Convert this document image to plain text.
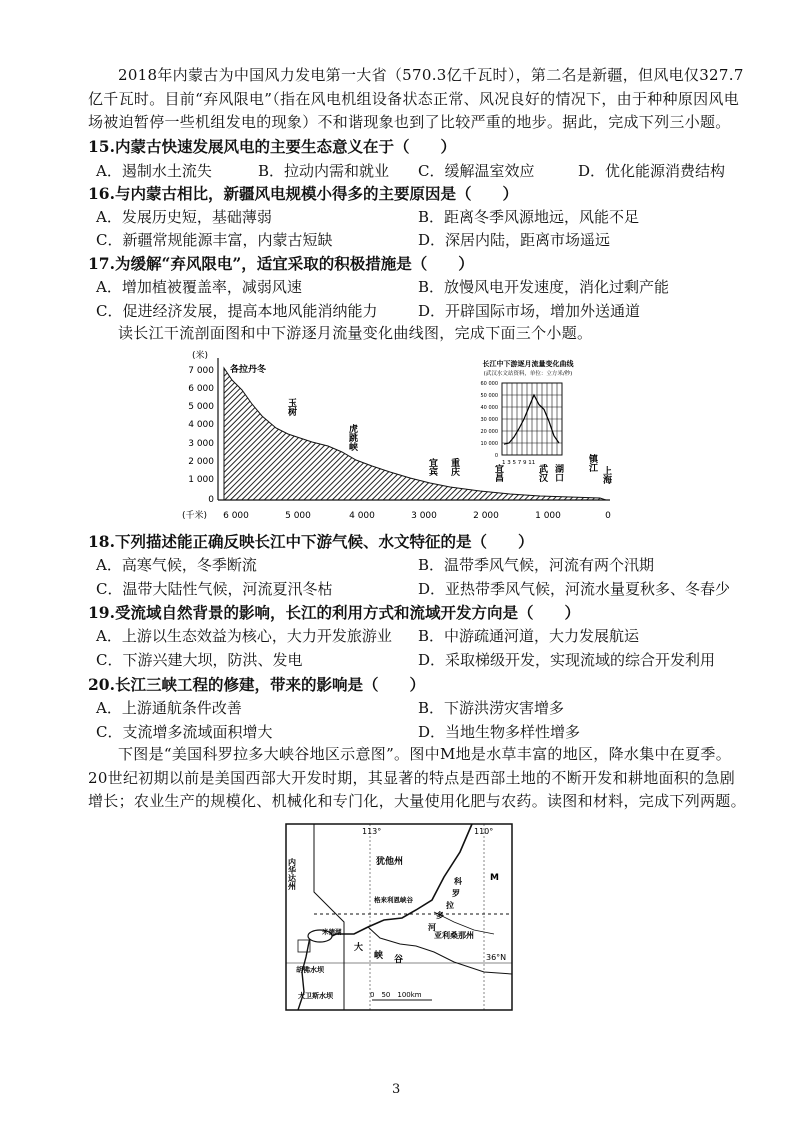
2018年内蒙古为中国风力发电第一大省（570.3亿千瓦时），第二名是新疆，但风电仅327.7亿千瓦时。目前“弃风限电”（指在风电机组设备状态正常、风况良好的情况下，由于种种原因风电场被迫暂停一些机组发电的现象）不和谐现象也到了比较严重的地步。据此，完成下列三小题。

15.内蒙古快速发展风电的主要生态意义在于（　　）
A．遏制水土流失	B．拉动内需和就业 C．缓解温室效应	D．优化能源消费结构
16.与内蒙古相比，新疆风电规模小得多的主要原因是（　　）
A．发展历史短，基础薄弱	B．距离冬季风源地远，风能不足
C．新疆常规能源丰富，内蒙古短缺	D．深居内陆，距离市场遥远
17.为缓解“弃风限电”，适宜采取的积极措施是（　　）
A．增加植被覆盖率，减弱风速	B．放慢风电开发速度，消化过剩产能
C．促进经济发展，提高本地风能消纳能力	D．开辟国际市场，增加外送通道

读长江干流剖面图和中下游逐月流量变化曲线图，完成下面三个小题。

(米)
7 000
6 000
5 000
4 000
3 000
2 000
1 000
0
(千米) 6 000	5 000	4 000	3 000	2 000	1 000	0
各拉丹冬
玉树
虎跳峡
宜宾 重庆	宜昌	武汉 湖口
镇江
上海
长江中下游逐月流量变化曲线
(武汉水文站资料，单位：立方米/秒)
60 000
50 000
40 000
30 000
20 000
10 000
0
1 3 5 7 9 11
18.下列描述能正确反映长江中下游气候、水文特征的是（　　）
A．高寒气候，冬季断流	B．温带季风气候，河流有两个汛期
C．温带大陆性气候，河流夏汛冬枯	D．亚热带季风气候，河流水量夏秋多、冬春少
19.受流域自然背景的影响，长江的利用方式和流域开发方向是（　　）
A．上游以生态效益为核心，大力开发旅游业 B．中游疏通河道，大力发展航运
C．下游兴建大坝，防洪、发电	D．采取梯级开发，实现流域的综合开发利用
20.长江三峡工程的修建，带来的影响是（　　）
A．上游通航条件改善	B．下游洪涝灾害增多
C．支流增多流域面积增大	D．当地生物多样性增多

下图是“美国科罗拉多大峡谷地区示意图”。图中M地是水草丰富的地区，降水集中在夏季。20世纪初期以前是美国西部大开发时期，其显著的特点是西部土地的不断开发和耕地面积的急剧增长；农业生产的规模化、机械化和专门化，大量使用化肥与农药。读图和材料，完成下列两题。

113°	110°
36°N
内华达州	犹他州
亚利桑那州
科
罗
拉
多
河
大
峡 谷
M
米德湖
格来利恩峡谷
胡佛水坝
大卫斯水坝	0　50　100km
3
